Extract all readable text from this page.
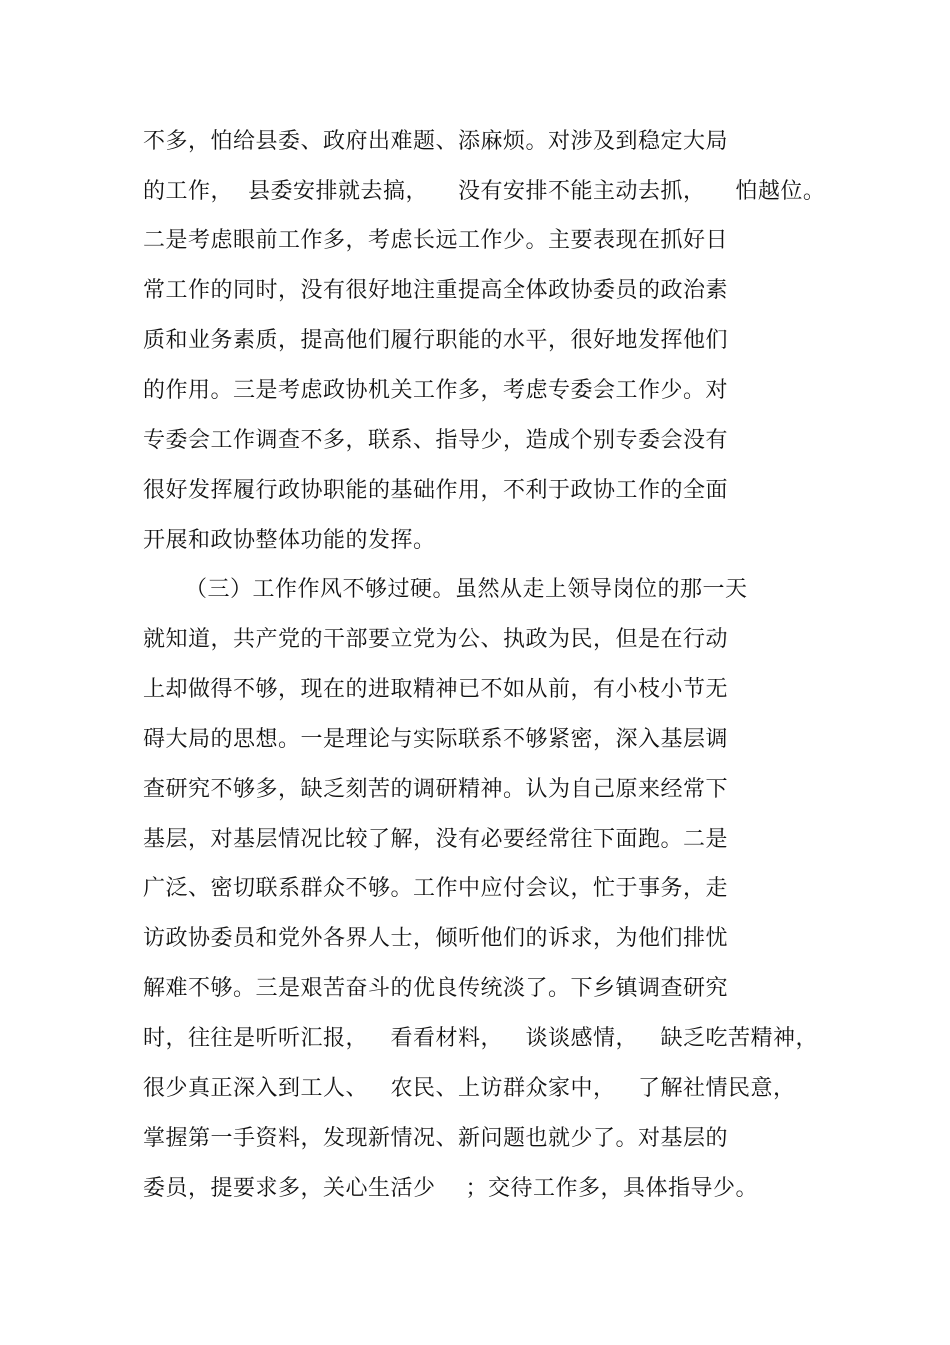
不多，怕给县委、政府出难题、添麻烦。对涉及到稳定大局
的工作，  县委安排就去搞，    没有安排不能主动去抓，    怕越位。
二是考虑眼前工作多，考虑长远工作少。主要表现在抓好日
常工作的同时，没有很好地注重提高全体政协委员的政治素
质和业务素质，提高他们履行职能的水平，很好地发挥他们
的作用。三是考虑政协机关工作多，考虑专委会工作少。对
专委会工作调查不多，联系、指导少，造成个别专委会没有
很好发挥履行政协职能的基础作用，不利于政协工作的全面
开展和政协整体功能的发挥。
（三）工作作风不够过硬。虽然从走上领导岗位的那一天
就知道，共产党的干部要立党为公、执政为民，但是在行动
上却做得不够，现在的进取精神已不如从前，有小枝小节无
碍大局的思想。一是理论与实际联系不够紧密，深入基层调
查研究不够多，缺乏刻苦的调研精神。认为自己原来经常下
基层，对基层情况比较了解，没有必要经常往下面跑。二是
广泛、密切联系群众不够。工作中应付会议，忙于事务，走
访政协委员和党外各界人士，倾听他们的诉求，为他们排忧
解难不够。三是艰苦奋斗的优良传统淡了。下乡镇调查研究
时，往往是听听汇报，   看看材料，   谈谈感情，   缺乏吃苦精神，
很少真正深入到工人、   农民、上访群众家中，   了解社情民意，
掌握第一手资料，发现新情况、新问题也就少了。对基层的
委员，提要求多，关心生活少    ；交待工作多，具体指导少。
